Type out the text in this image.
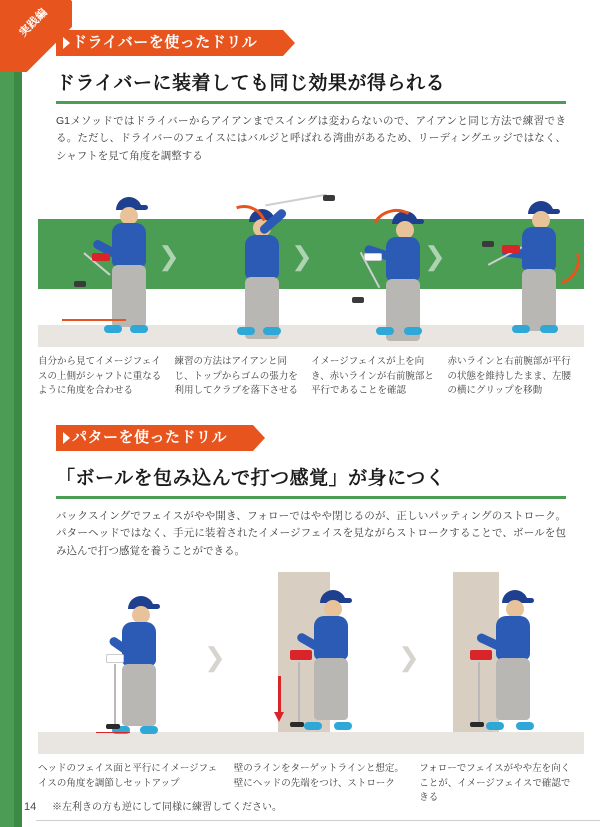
実践編
ドライバーを使ったドリル
ドライバーに装着しても同じ効果が得られる
G1メソッドではドライバーからアイアンまでスイングは変わらないので、アイアンと同じ方法で練習できる。ただし、ドライバーのフェイスにはバルジと呼ばれる湾曲があるため、リーディングエッジではなく、シャフトを見て角度を調整する
❯	❯	❯
自分から見てイメージフェイスの上側がシャフトに重なるように角度を合わせる
練習の方法はアイアンと同じ、トップからゴムの張力を利用してクラブを落下させる
イメージフェイスが上を向き、赤いラインが右前腕部と平行であることを確認
赤いラインと右前腕部が平行の状態を維持したまま、左腰の横にグリップを移動
パターを使ったドリル
「ボールを包み込んで打つ感覚」が身につく
バックスイングでフェイスがやや開き、フォローではやや閉じるのが、正しいパッティングのストローク。パターヘッドではなく、手元に装着されたイメージフェイスを見ながらストロークすることで、ボールを包み込んで打つ感覚を養うことができる。
❯	❯
ヘッドのフェイス面と平行にイメージフェイスの角度を調節しセットアップ
壁のラインをターゲットラインと想定。壁にヘッドの先端をつけ、ストローク
フォローでフェイスがやや左を向くことが、イメージフェイスで確認できる
14	※左利きの方も逆にして同様に練習してください。
